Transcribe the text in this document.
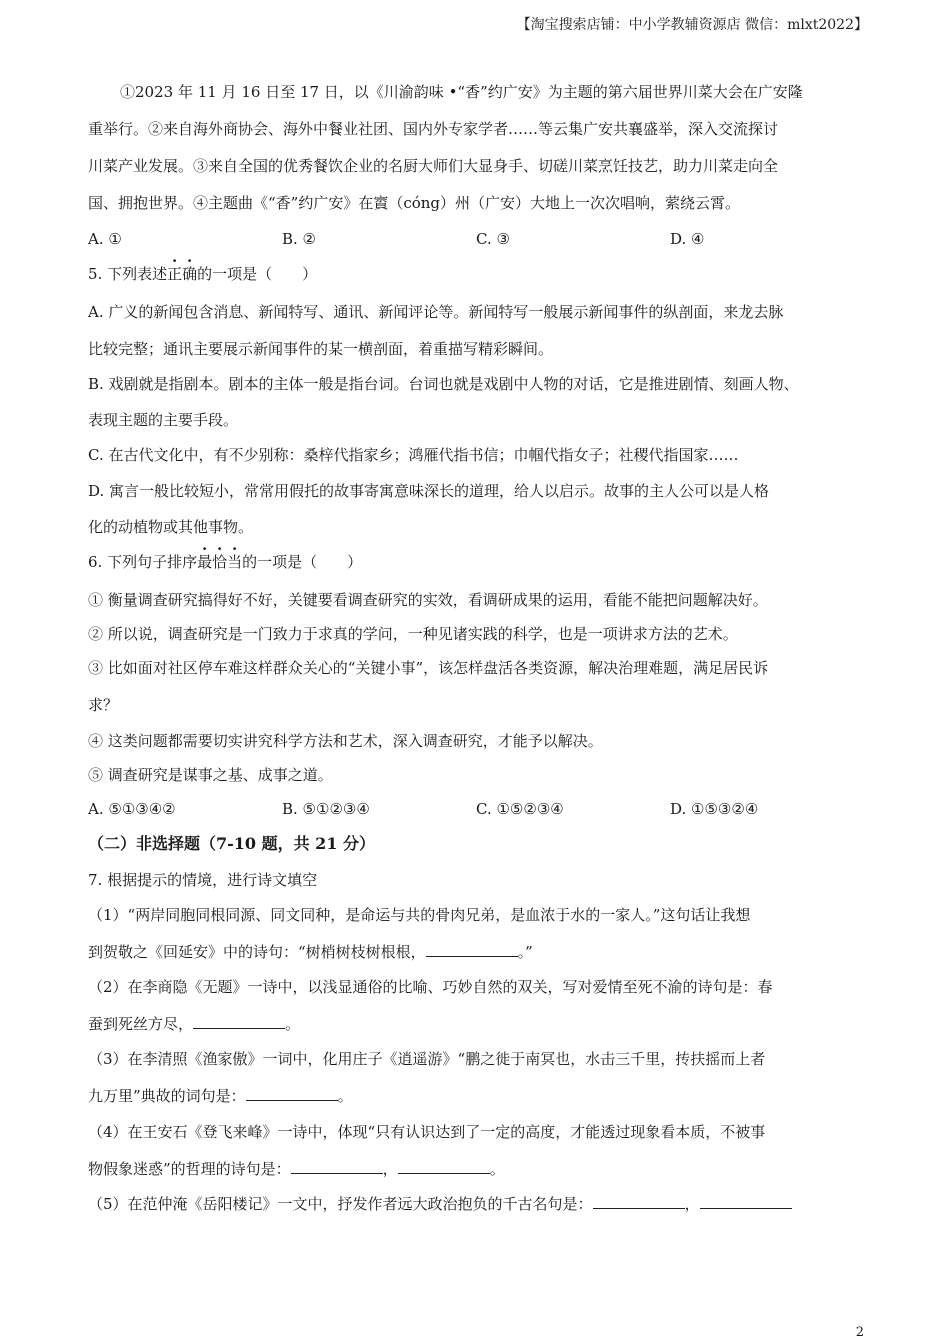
【淘宝搜索店铺：中小学教辅资源店 微信：mlxt2022】
①2023 年 11 月 16 日至 17 日，以《川渝韵味 •“香”约广安》为主题的第六届世界川菜大会在广安隆
重举行。②来自海外商协会、海外中餐业社团、国内外专家学者……等云集广安共襄盛举，深入交流探讨
川菜产业发展。③来自全国的优秀餐饮企业的名厨大师们大显身手、切磋川菜烹饪技艺，助力川菜走向全
国、拥抱世界。④主题曲《“香”约广安》在賨（cóng）州（广安）大地上一次次唱响，萦绕云霄。
A. ①	B. ②	C. ③	D. ④
5. 下列表述正确的一项是（　　）
A. 广义的新闻包含消息、新闻特写、通讯、新闻评论等。新闻特写一般展示新闻事件的纵剖面，来龙去脉
比较完整；通讯主要展示新闻事件的某一横剖面，着重描写精彩瞬间。
B. 戏剧就是指剧本。剧本的主体一般是指台词。台词也就是戏剧中人物的对话，它是推进剧情、刻画人物、
表现主题的主要手段。
C. 在古代文化中，有不少别称：桑梓代指家乡；鸿雁代指书信；巾帼代指女子；社稷代指国家……
D. 寓言一般比较短小，常常用假托的故事寄寓意味深长的道理，给人以启示。故事的主人公可以是人格
化的动植物或其他事物。
6. 下列句子排序最恰当的一项是（　　）
① 衡量调查研究搞得好不好，关键要看调查研究的实效，看调研成果的运用，看能不能把问题解决好。
② 所以说，调查研究是一门致力于求真的学问，一种见诸实践的科学，也是一项讲求方法的艺术。
③ 比如面对社区停车难这样群众关心的“关键小事”，该怎样盘活各类资源，解决治理难题，满足居民诉
求？
④ 这类问题都需要切实讲究科学方法和艺术，深入调查研究，才能予以解决。
⑤ 调查研究是谋事之基、成事之道。
A. ⑤①③④②	B. ⑤①②③④	C. ①⑤②③④	D. ①⑤③②④
（二）非选择题（7-10 题，共 21 分）
7. 根据提示的情境，进行诗文填空
（1）“两岸同胞同根同源、同文同种，是命运与共的骨肉兄弟，是血浓于水的一家人。”这句话让我想
到贺敬之《回延安》中的诗句：“树梢树枝树根根，	。”
（2）在李商隐《无题》一诗中，以浅显通俗的比喻、巧妙自然的双关，写对爱情至死不渝的诗句是：春
蚕到死丝方尽，	。
（3）在李清照《渔家傲》一词中，化用庄子《逍遥游》“鹏之徙于南冥也，水击三千里，抟扶摇而上者
九万里”典故的词句是：	。
（4）在王安石《登飞来峰》一诗中，体现“只有认识达到了一定的高度，才能透过现象看本质，不被事
物假象迷惑”的哲理的诗句是：	，	。
（5）在范仲淹《岳阳楼记》一文中，抒发作者远大政治抱负的千古名句是：	，
2
